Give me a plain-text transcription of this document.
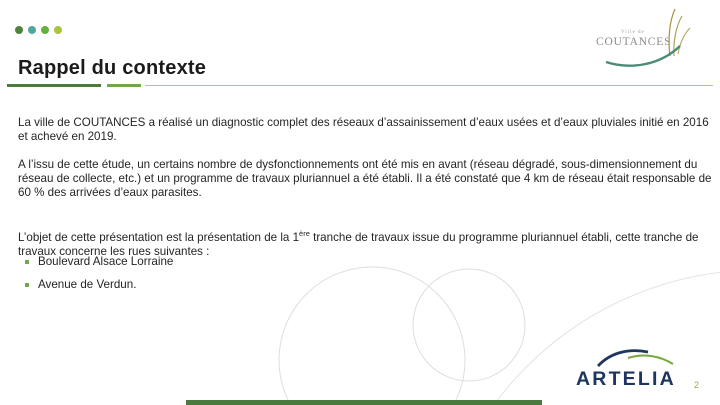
Rappel du contexte
Ville de
COUTANCES

La ville de COUTANCES a réalisé un diagnostic complet des réseaux d’assainissement d’eaux usées et d’eaux pluviales initié en 2016 et achevé en 2019.

A l’issu de cette étude, un certains nombre de dysfonctionnements ont été mis en avant (réseau dégradé, sous-dimensionnement du réseau de collecte, etc.) et un programme de travaux pluriannuel a été établi. Il a été constaté que 4 km de réseau était responsable de 60 % des arrivées d’eaux parasites.

L’objet de cette présentation est la présentation de la 1ère tranche de travaux issue du programme pluriannuel établi, cette tranche de travaux concerne les rues suivantes :

Boulevard Alsace Lorraine
Avenue de Verdun.
ARTELIA 2
